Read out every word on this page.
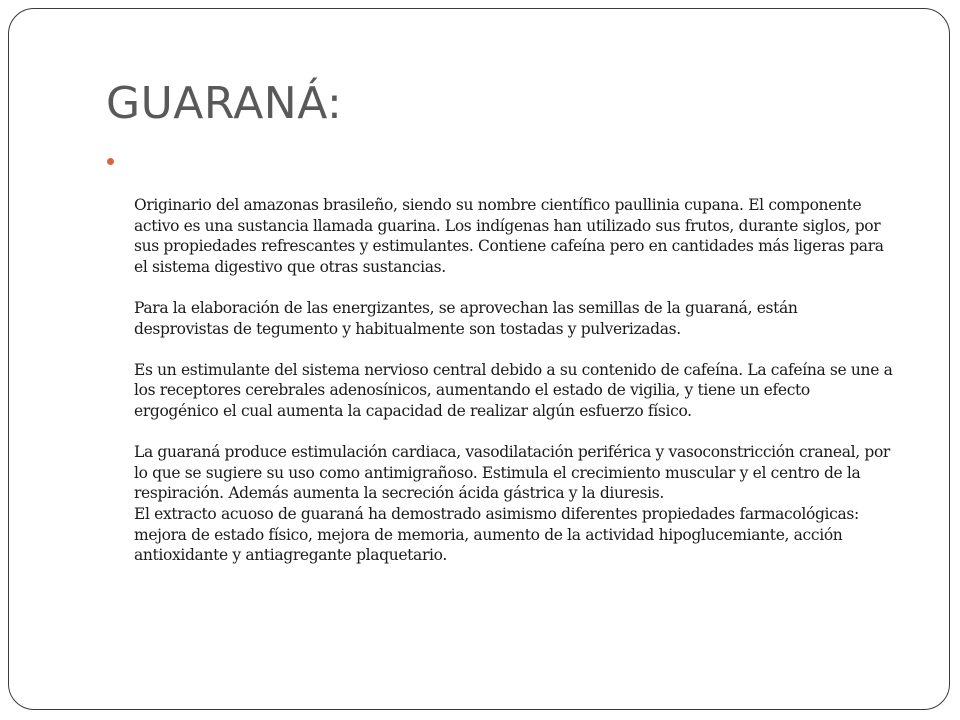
GUARANÁ:

Originario del amazonas brasileño, siendo su nombre científico paullinia cupana. El componente activo es una sustancia llamada guarina. Los indígenas han utilizado sus frutos, durante siglos, por sus propiedades refrescantes y estimulantes. Contiene cafeína pero en cantidades más ligeras para el sistema digestivo que otras sustancias.

Para la elaboración de las energizantes, se aprovechan las semillas de la guaraná, están desprovistas de tegumento y habitualmente son tostadas y pulverizadas.

Es un estimulante del sistema nervioso central debido a su contenido de cafeína. La cafeína se une a los receptores cerebrales adenosínicos, aumentando el estado de vigilia, y tiene un efecto ergogénico el cual aumenta la capacidad de realizar algún esfuerzo físico.

La guaraná produce estimulación cardiaca, vasodilatación periférica y vasoconstricción craneal, por lo que se sugiere su uso como antimigrañoso. Estimula el crecimiento muscular y el centro de la respiración. Además aumenta la secreción ácida gástrica y la diuresis.

El extracto acuoso de guaraná ha demostrado asimismo diferentes propiedades farmacológicas: mejora de estado físico, mejora de memoria, aumento de la actividad hipoglucemiante, acción antioxidante y antiagregante plaquetario.
